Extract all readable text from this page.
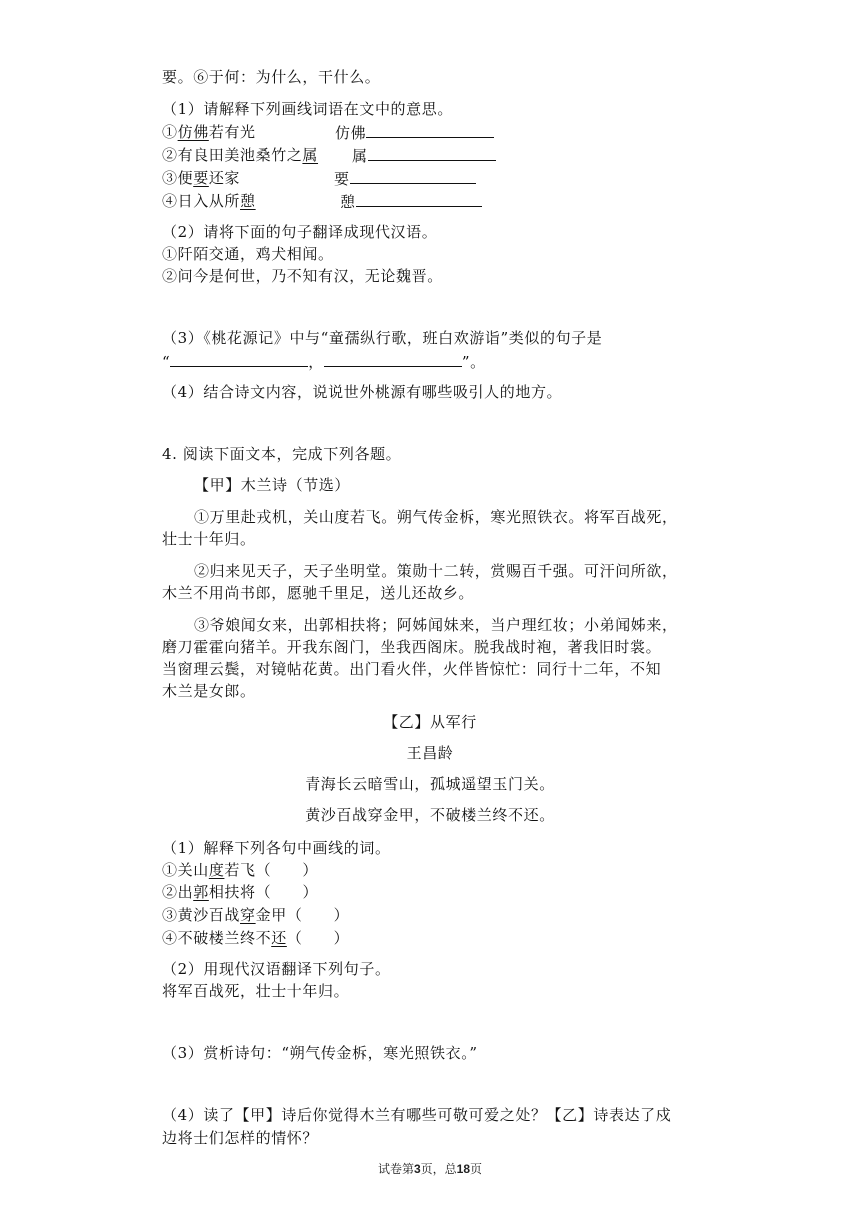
要。⑥于何：为什么，干什么。
（1）请解释下列画线词语在文中的意思。
①仿佛若有光	仿佛
②有良田美池桑竹之属 属
③便要还家	要
④日入从所憩	憩
（2）请将下面的句子翻译成现代汉语。
①阡陌交通，鸡犬相闻。
②问今是何世，乃不知有汉，无论魏晋。
（3）《桃花源记》中与“童孺纵行歌，班白欢游诣”类似的句子是
“	，	”。
（4）结合诗文内容，说说世外桃源有哪些吸引人的地方。
4. 阅读下面文本，完成下列各题。
【甲】木兰诗（节选）
①万里赴戎机，关山度若飞。朔气传金柝，寒光照铁衣。将军百战死，
壮士十年归。
②归来见天子，天子坐明堂。策勋十二转，赏赐百千强。可汗问所欲，
木兰不用尚书郎，愿驰千里足，送儿还故乡。
③爷娘闻女来，出郭相扶将；阿姊闻妹来，当户理红妆；小弟闻姊来，
磨刀霍霍向猪羊。开我东阁门，坐我西阁床。脱我战时袍，著我旧时裳。
当窗理云鬓，对镜帖花黄。出门看火伴，火伴皆惊忙：同行十二年，不知
木兰是女郎。
【乙】从军行
王昌龄
青海长云暗雪山，孤城遥望玉门关。
黄沙百战穿金甲，不破楼兰终不还。
（1）解释下列各句中画线的词。
①关山度若飞（　　）
②出郭相扶将（　　）
③黄沙百战穿金甲（　　）
④不破楼兰终不还（　　）
（2）用现代汉语翻译下列句子。
将军百战死，壮士十年归。
（3）赏析诗句：“朔气传金柝，寒光照铁衣。”
（4）读了【甲】诗后你觉得木兰有哪些可敬可爱之处？【乙】诗表达了戍
边将士们怎样的情怀？
试卷第3页，总18页
